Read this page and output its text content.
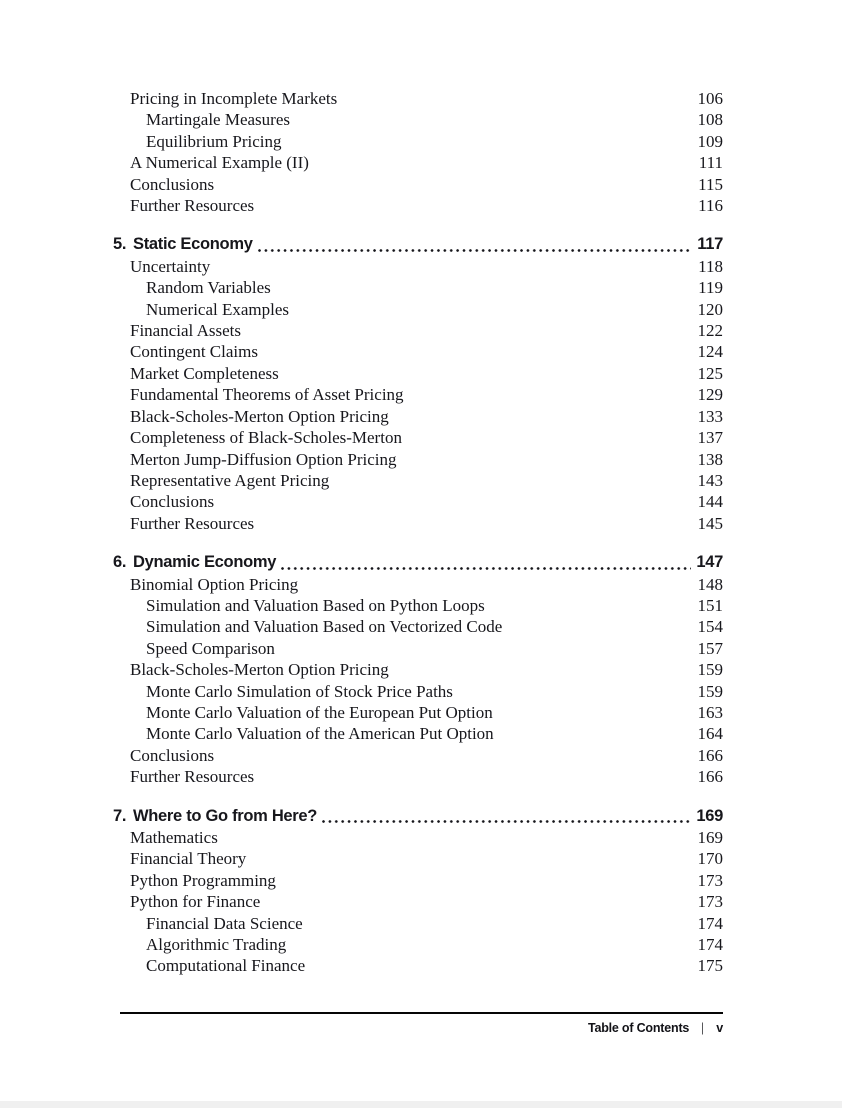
Pricing in Incomplete Markets	106
Martingale Measures	108
Equilibrium Pricing	109
A Numerical Example (II)	111
Conclusions	115
Further Resources	116
5. Static Economy	117
Uncertainty	118
Random Variables	119
Numerical Examples	120
Financial Assets	122
Contingent Claims	124
Market Completeness	125
Fundamental Theorems of Asset Pricing	129
Black-Scholes-Merton Option Pricing	133
Completeness of Black-Scholes-Merton	137
Merton Jump-Diffusion Option Pricing	138
Representative Agent Pricing	143
Conclusions	144
Further Resources	145
6. Dynamic Economy	147
Binomial Option Pricing	148
Simulation and Valuation Based on Python Loops	151
Simulation and Valuation Based on Vectorized Code	154
Speed Comparison	157
Black-Scholes-Merton Option Pricing	159
Monte Carlo Simulation of Stock Price Paths	159
Monte Carlo Valuation of the European Put Option	163
Monte Carlo Valuation of the American Put Option	164
Conclusions	166
Further Resources	166
7. Where to Go from Here?	169
Mathematics	169
Financial Theory	170
Python Programming	173
Python for Finance	173
Financial Data Science	174
Algorithmic Trading	174
Computational Finance	175
Table of Contents | v
